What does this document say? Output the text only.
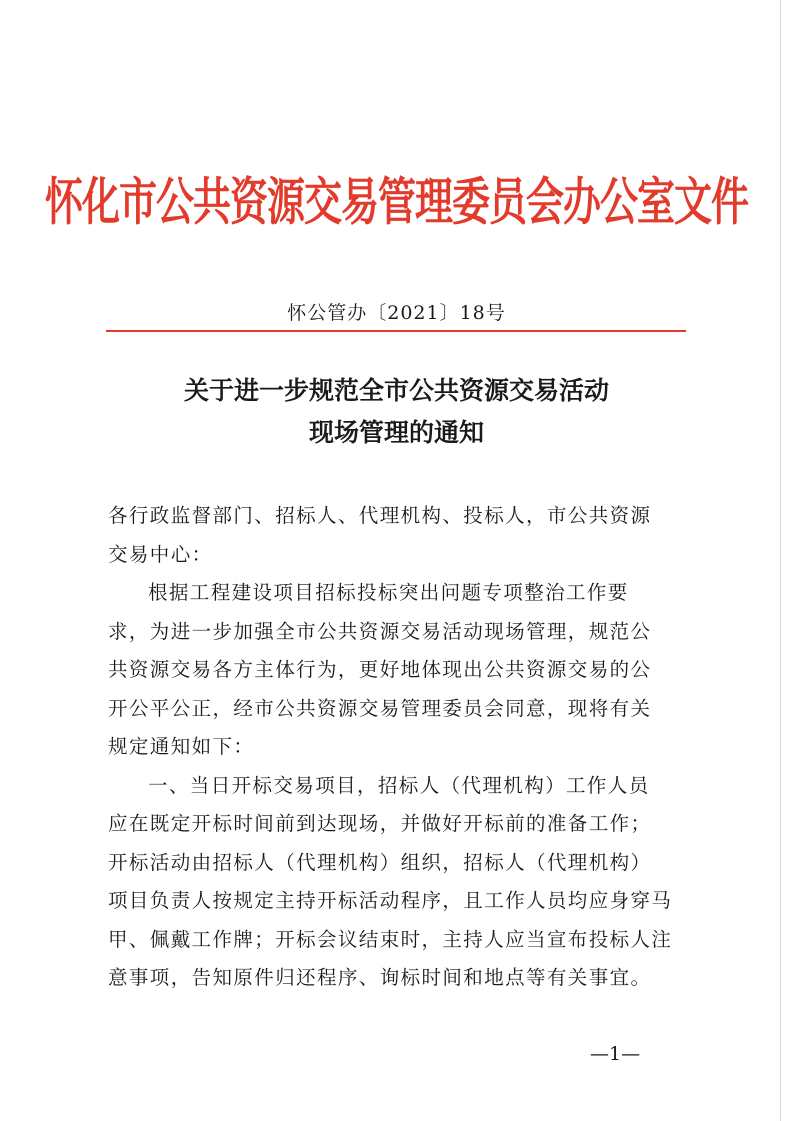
怀化市公共资源交易管理委员会办公室文件
怀公管办〔2021〕18号
关于进一步规范全市公共资源交易活动
现场管理的通知
各行政监督部门、招标人、代理机构、投标人，市公共资源
交易中心：
根据工程建设项目招标投标突出问题专项整治工作要
求，为进一步加强全市公共资源交易活动现场管理，规范公
共资源交易各方主体行为，更好地体现出公共资源交易的公
开公平公正，经市公共资源交易管理委员会同意，现将有关
规定通知如下：
一、当日开标交易项目，招标人（代理机构）工作人员
应在既定开标时间前到达现场，并做好开标前的准备工作；
开标活动由招标人（代理机构）组织，招标人（代理机构）
项目负责人按规定主持开标活动程序，且工作人员均应身穿马
甲、佩戴工作牌；开标会议结束时，主持人应当宣布投标人注
意事项，告知原件归还程序、询标时间和地点等有关事宜。
—1—
